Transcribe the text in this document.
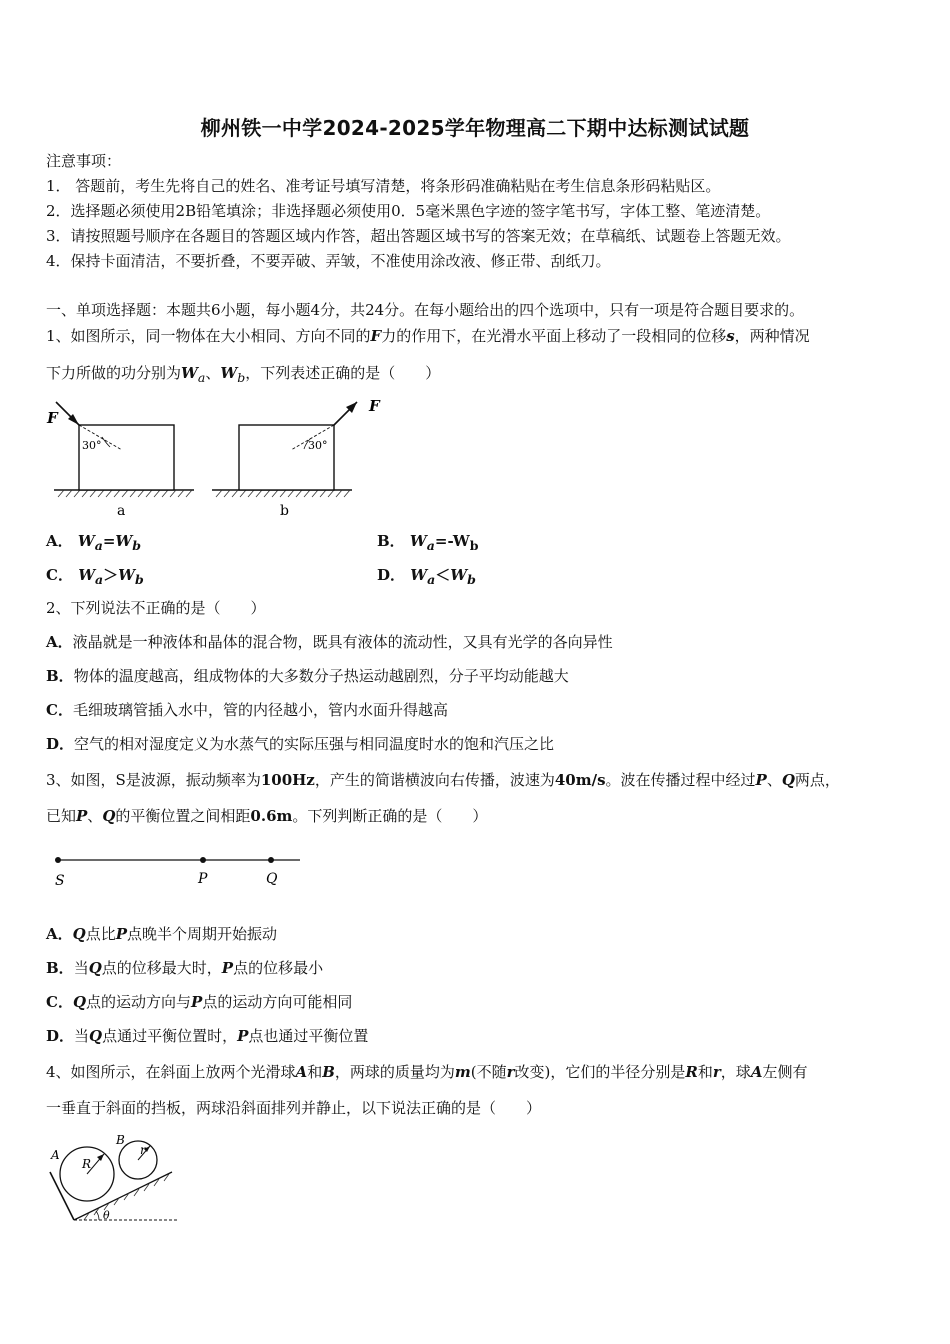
柳州铁一中学2024-2025学年物理高二下期中达标测试试题
注意事项：
1． 答题前，考生先将自己的姓名、准考证号填写清楚，将条形码准确粘贴在考生信息条形码粘贴区。
2．选择题必须使用2B铅笔填涂；非选择题必须使用0．5毫米黑色字迹的签字笔书写，字体工整、笔迹清楚。
3．请按照题号顺序在各题目的答题区域内作答，超出答题区域书写的答案无效；在草稿纸、试题卷上答题无效。
4．保持卡面清洁，不要折叠，不要弄破、弄皱，不准使用涂改液、修正带、刮纸刀。
一、单项选择题：本题共6小题，每小题4分，共24分。在每小题给出的四个选项中，只有一项是符合题目要求的。
1、如图所示，同一物体在大小相同、方向不同的F力的作用下，在光滑水平面上移动了一段相同的位移s，两种情况
下力所做的功分别为$W_a$、$W_b$，下列表述正确的是（　　）
F
30°
a
F
30°
b
A． $W_a=W_b$	B． $W_a=-W_b$
C． $W_a>W_b$	D． $W_a<W_b$
2、下列说法不正确的是（　　）
A．液晶就是一种液体和晶体的混合物，既具有液体的流动性，又具有光学的各向异性
B．物体的温度越高，组成物体的大多数分子热运动越剧烈，分子平均动能越大
C．毛细玻璃管插入水中，管的内径越小，管内水面升得越高
D．空气的相对湿度定义为水蒸气的实际压强与相同温度时水的饱和汽压之比
3、如图，S是波源，振动频率为100Hz，产生的简谐横波向右传播，波速为40m/s。波在传播过程中经过P、Q两点，
已知P、Q的平衡位置之间相距0.6m。下列判断正确的是（　　）
S	P	Q
A．Q点比P点晚半个周期开始振动
B．当Q点的位移最大时，P点的位移最小
C．Q点的运动方向与P点的运动方向可能相同
D．当Q点通过平衡位置时，P点也通过平衡位置
4、如图所示，在斜面上放两个光滑球A和B，两球的质量均为m(不随r改变)，它们的半径分别是R和r，球A左侧有
一垂直于斜面的挡板，两球沿斜面排列并静止，以下说法正确的是（　　）
A
B
R
r
θ
